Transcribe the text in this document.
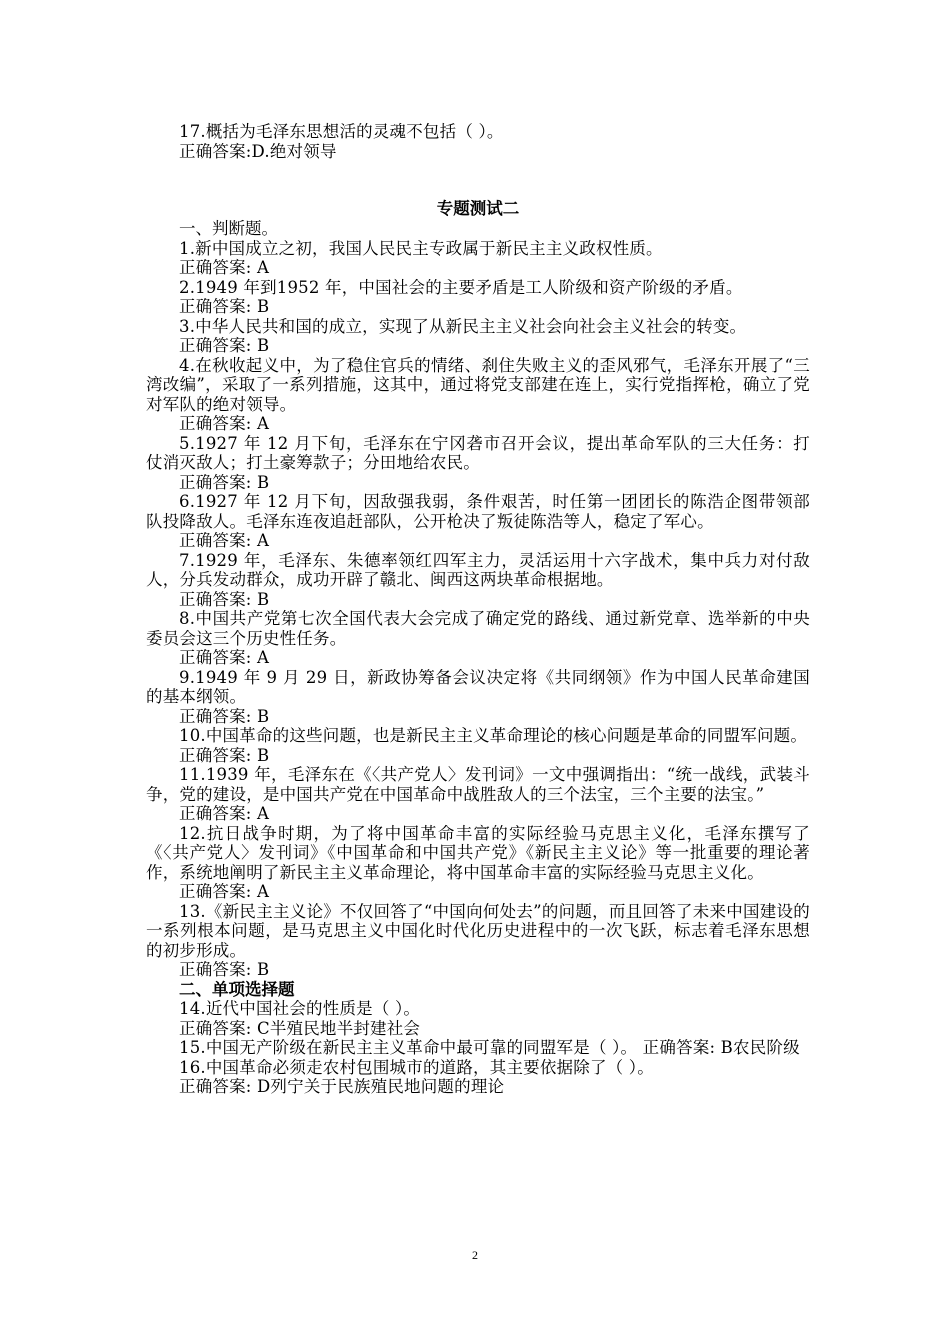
17.概括为毛泽东思想活的灵魂不包括（ ）。

正确答案:D.绝对领导

专题测试二

一、判断题。

1.新中国成立之初，我国人民民主专政属于新民主主义政权性质。

正确答案: A

2.1949 年到1952 年，中国社会的主要矛盾是工人阶级和资产阶级的矛盾。

正确答案: B

3.中华人民共和国的成立，实现了从新民主主义社会向社会主义社会的转变。

正确答案: B

4.在秋收起义中，为了稳住官兵的情绪、刹住失败主义的歪风邪气，毛泽东开展了“三湾改编”，采取了一系列措施，这其中，通过将党支部建在连上，实行党指挥枪，确立了党对军队的绝对领导。

正确答案: A

5.1927 年 12 月下旬，毛泽东在宁冈砻市召开会议，提出革命军队的三大任务：打仗消灭敌人；打土豪筹款子；分田地给农民。

正确答案: B

6.1927 年 12 月下旬，因敌强我弱，条件艰苦，时任第一团团长的陈浩企图带领部队投降敌人。毛泽东连夜追赶部队，公开枪决了叛徒陈浩等人，稳定了军心。

正确答案: A

7.1929 年，毛泽东、朱德率领红四军主力，灵活运用十六字战术，集中兵力对付敌人，分兵发动群众，成功开辟了赣北、闽西这两块革命根据地。

正确答案: B

8.中国共产党第七次全国代表大会完成了确定党的路线、通过新党章、选举新的中央委员会这三个历史性任务。

正确答案: A

9.1949 年 9 月 29 日，新政协筹备会议决定将《共同纲领》作为中国人民革命建国的基本纲领。

正确答案: B

10.中国革命的这些问题，也是新民主主义革命理论的核心问题是革命的同盟军问题。

正确答案: B

11.1939 年，毛泽东在《〈共产党人〉发刊词》一文中强调指出：“统一战线，武装斗争，党的建设，是中国共产党在中国革命中战胜敌人的三个法宝，三个主要的法宝。”

正确答案: A

12.抗日战争时期，为了将中国革命丰富的实际经验马克思主义化，毛泽东撰写了《〈共产党人〉发刊词》《中国革命和中国共产党》《新民主主义论》等一批重要的理论著作，系统地阐明了新民主主义革命理论，将中国革命丰富的实际经验马克思主义化。

正确答案: A

13.《新民主主义论》不仅回答了“中国向何处去”的问题，而且回答了未来中国建设的一系列根本问题，是马克思主义中国化时代化历史进程中的一次飞跃，标志着毛泽东思想的初步形成。

正确答案: B

二、单项选择题

14.近代中国社会的性质是（ ）。

正确答案: C半殖民地半封建社会

15.中国无产阶级在新民主主义革命中最可靠的同盟军是（ ）。 正确答案: B农民阶级

16.中国革命必须走农村包围城市的道路，其主要依据除了（ ）。

正确答案: D列宁关于民族殖民地问题的理论

2
